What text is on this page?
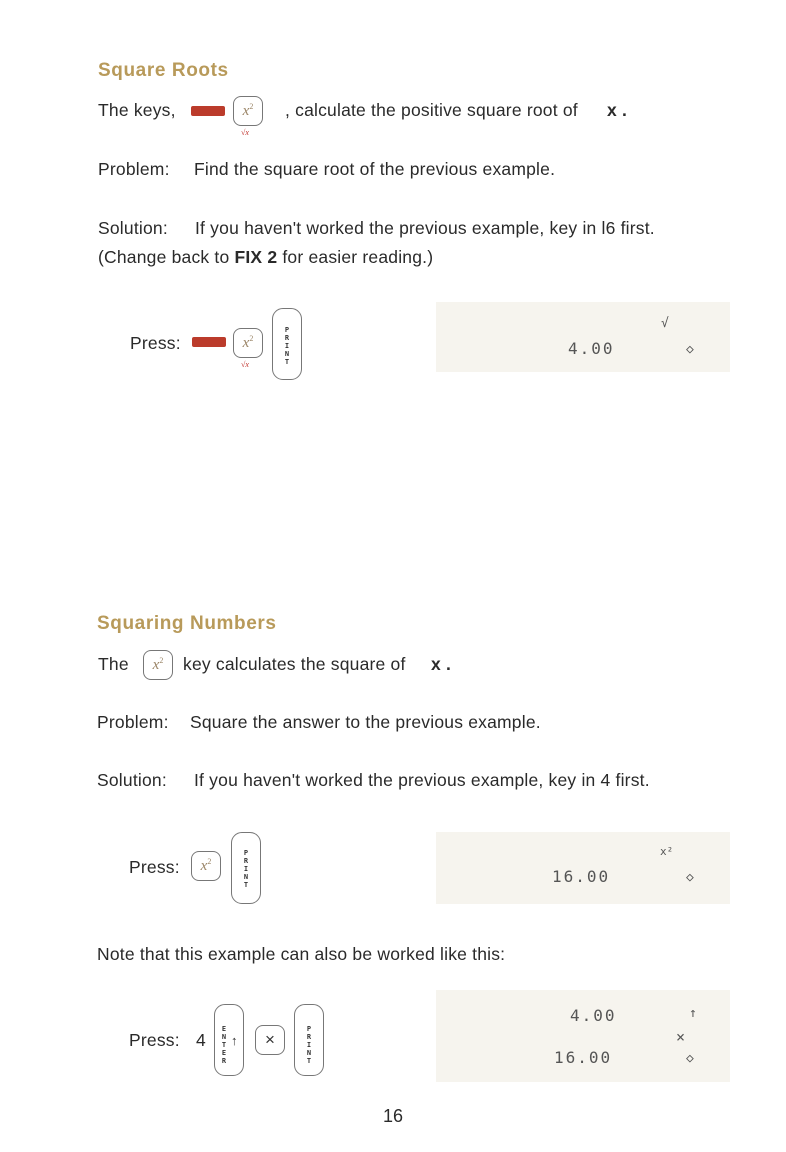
Square Roots
The keys,	$x^2$
√x
, calculate the positive square root of x .
Problem: Find the square root of the previous example.
Solution: If you haven't worked the previous example, key in l6 first.
(Change back to FIX 2 for easier reading.)
Press:	$x^2$
√x
P
R
I
N
T
4.00
√
◇
Squaring Numbers
The $x^2$ key calculates the square of x .
Problem: Square the answer to the previous example.
Solution: If you haven't worked the previous example, key in 4 first.
Press: $x^2$
P
R
I
N
T	16.00
x²
◇
Note that this example can also be worked like this:
Press: 4
E
N
T
E
R
↑	×
P
R
I
N
T
4.00	↑
×
16.00	◇
16
